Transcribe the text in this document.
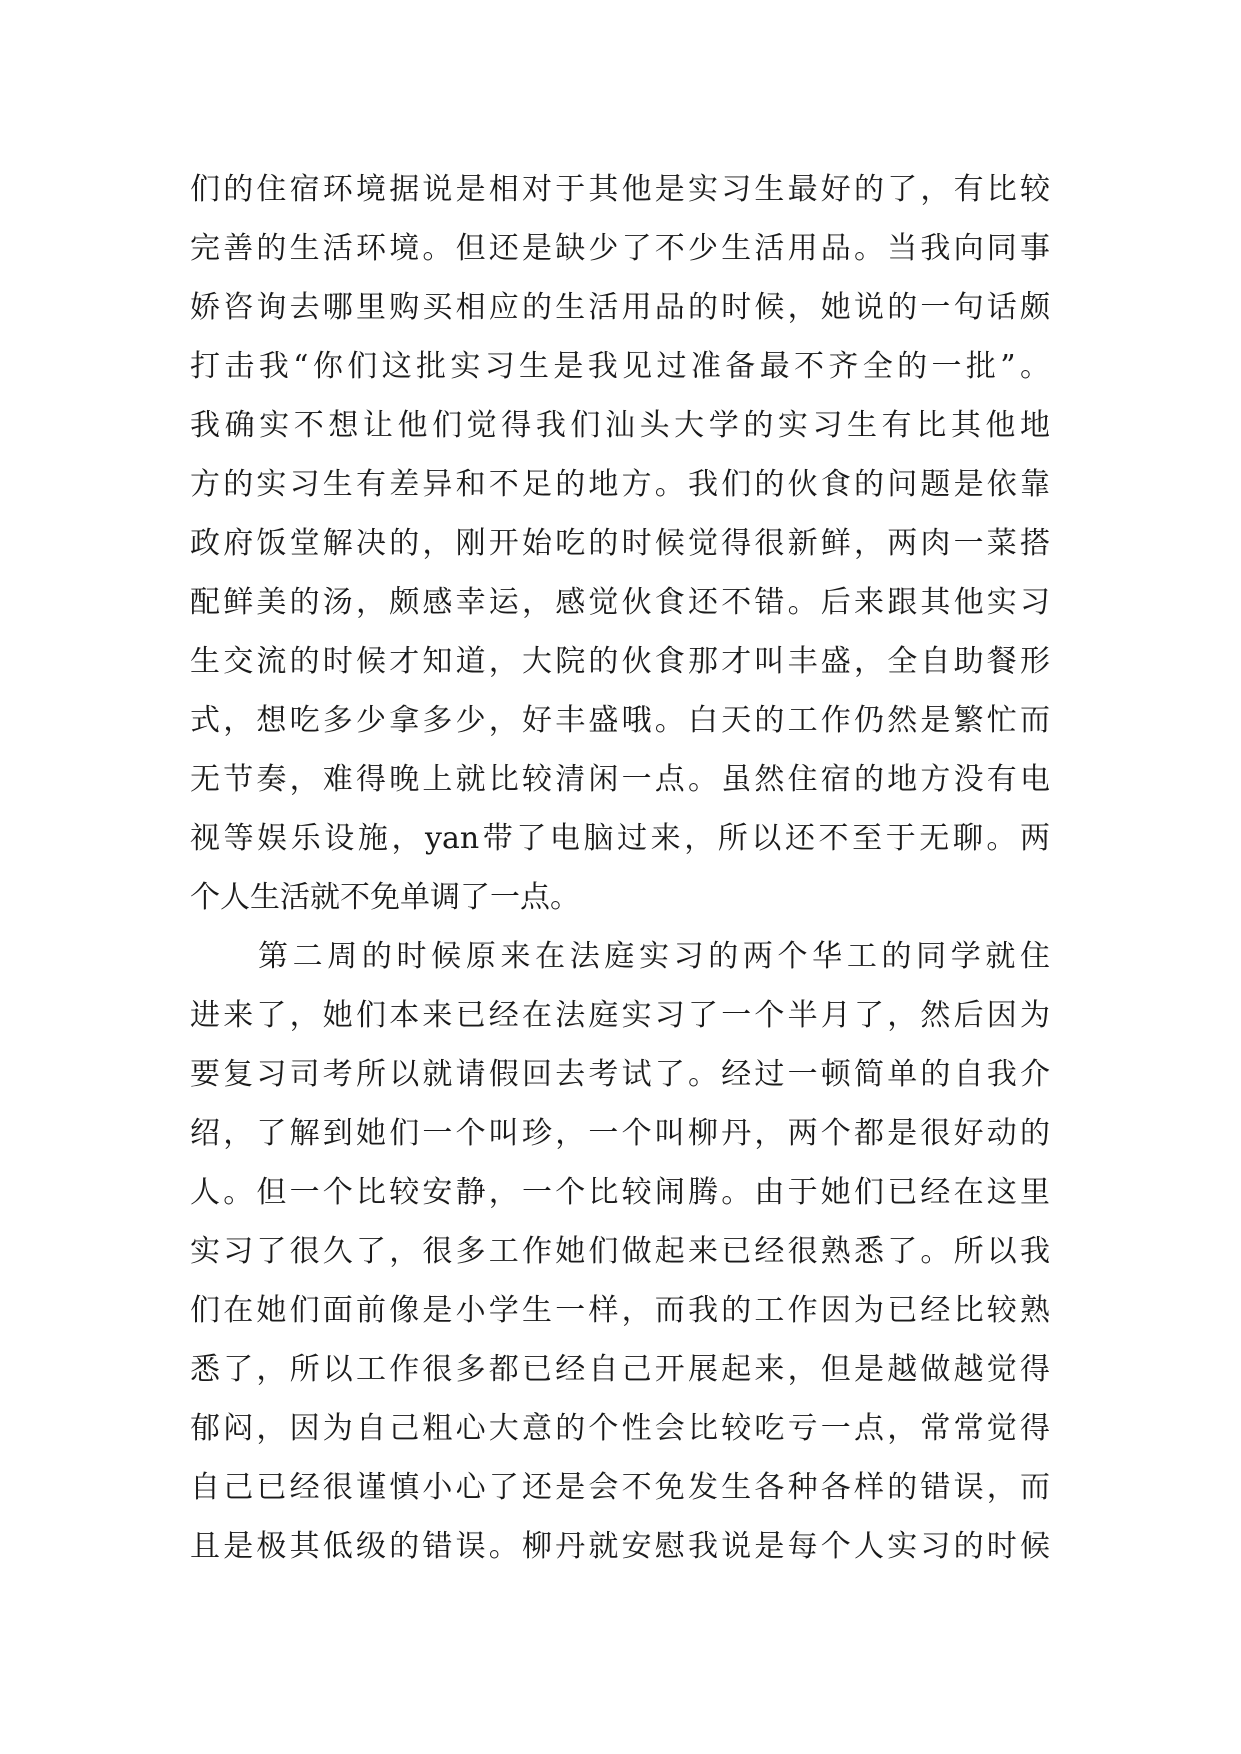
们的住宿环境据说是相对于其他是实习生最好的了，有比较
完善的生活环境。但还是缺少了不少生活用品。当我向同事
娇咨询去哪里购买相应的生活用品的时候，她说的一句话颇
打击我“你们这批实习生是我见过准备最不齐全的一批”。
我确实不想让他们觉得我们汕头大学的实习生有比其他地
方的实习生有差异和不足的地方。我们的伙食的问题是依靠
政府饭堂解决的，刚开始吃的时候觉得很新鲜，两肉一菜搭
配鲜美的汤，颇感幸运，感觉伙食还不错。后来跟其他实习
生交流的时候才知道，大院的伙食那才叫丰盛，全自助餐形
式，想吃多少拿多少，好丰盛哦。白天的工作仍然是繁忙而
无节奏，难得晚上就比较清闲一点。虽然住宿的地方没有电
视等娱乐设施，yan带了电脑过来，所以还不至于无聊。两
个人生活就不免单调了一点。
第二周的时候原来在法庭实习的两个华工的同学就住
进来了，她们本来已经在法庭实习了一个半月了，然后因为
要复习司考所以就请假回去考试了。经过一顿简单的自我介
绍，了解到她们一个叫珍，一个叫柳丹，两个都是很好动的
人。但一个比较安静，一个比较闹腾。由于她们已经在这里
实习了很久了，很多工作她们做起来已经很熟悉了。所以我
们在她们面前像是小学生一样，而我的工作因为已经比较熟
悉了，所以工作很多都已经自己开展起来，但是越做越觉得
郁闷，因为自己粗心大意的个性会比较吃亏一点，常常觉得
自己已经很谨慎小心了还是会不免发生各种各样的错误，而
且是极其低级的错误。柳丹就安慰我说是每个人实习的时候
